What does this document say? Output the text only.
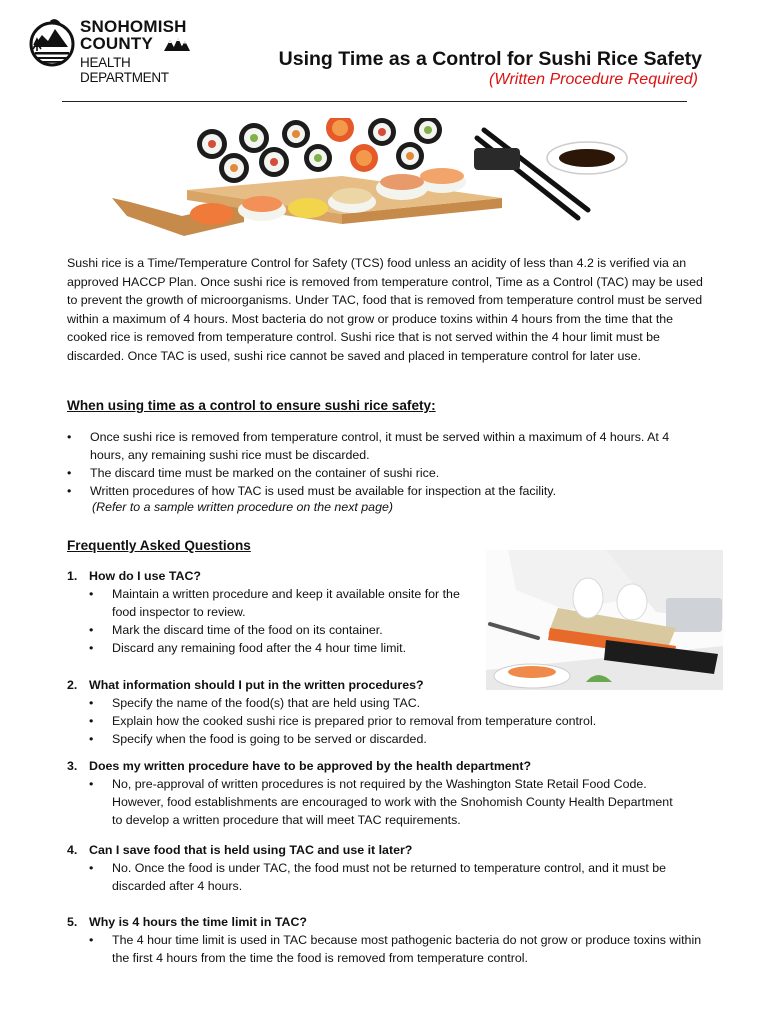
SNOHOMISH
COUNTY
HEALTH DEPARTMENT
Using Time as a Control for Sushi Rice Safety
(Written Procedure Required)

Sushi rice is a Time/Temperature Control for Safety (TCS) food unless an acidity of less than 4.2 is verified via an approved HACCP Plan. Once sushi rice is removed from temperature control, Time as a Control (TAC) may be used to prevent the growth of microorganisms. Under TAC, food that is removed from temperature control must be served within a maximum of 4 hours. Most bacteria do not grow or produce toxins within 4 hours from the time that the cooked rice is removed from temperature control. Sushi rice that is not served within the 4 hour limit must be discarded. Once TAC is used, sushi rice cannot be saved and placed in temperature control for later use.

When using time as a control to ensure sushi rice safety:
• Once sushi rice is removed from temperature control, it must be served within a maximum of 4 hours. At 4 hours, any remaining sushi rice must be discarded.
• The discard time must be marked on the container of sushi rice.
• Written procedures of how TAC is used must be available for inspection at the facility.
(Refer to a sample written procedure on the next page)
Frequently Asked Questions
1. How do I use TAC?
• Maintain a written procedure and keep it available onsite for the food inspector to review.
• Mark the discard time of the food on its container.
• Discard any remaining food after the 4 hour time limit.
2. What information should I put in the written procedures?
• Specify the name of the food(s) that are held using TAC.
• Explain how the cooked sushi rice is prepared prior to removal from temperature control.
• Specify when the food is going to be served or discarded.
3. Does my written procedure have to be approved by the health department?
• No, pre-approval of written procedures is not required by the Washington State Retail Food Code. However, food establishments are encouraged to work with the Snohomish County Health Department to develop a written procedure that will meet TAC requirements.
4. Can I save food that is held using TAC and use it later?
• No. Once the food is under TAC, the food must not be returned to temperature control, and it must be discarded after 4 hours.
5. Why is 4 hours the time limit in TAC?
• The 4 hour time limit is used in TAC because most pathogenic bacteria do not grow or produce toxins within the first 4 hours from the time the food is removed from temperature control.
